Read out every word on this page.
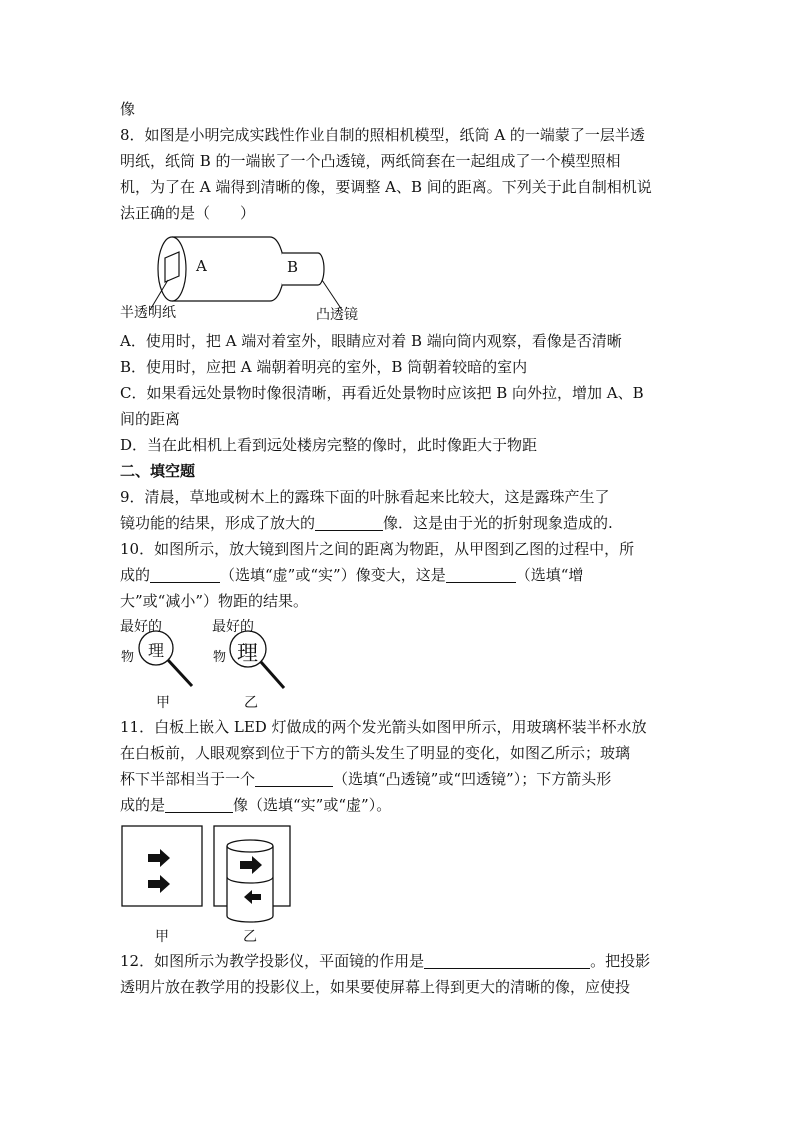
像
8．如图是小明完成实践性作业自制的照相机模型，纸筒 A 的一端蒙了一层半透
明纸，纸筒 B 的一端嵌了一个凸透镜，两纸筒套在一起组成了一个模型照相
机，为了在 A 端得到清晰的像，要调整 A、B 间的距离。下列关于此自制相机说
法正确的是（　　）
A	B
半透明纸	凸透镜
A．使用时，把 A 端对着室外，眼睛应对着 B 端向筒内观察，看像是否清晰
B．使用时，应把 A 端朝着明亮的室外，B 筒朝着较暗的室内
C．如果看远处景物时像很清晰，再看近处景物时应该把 B 向外拉，增加 A、B
间的距离
D．当在此相机上看到远处楼房完整的像时，此时像距大于物距
二、填空题
9．清晨，草地或树木上的露珠下面的叶脉看起来比较大，这是露珠产生了
镜功能的结果，形成了放大的	像．这是由于光的折射现象造成的.
10．如图所示，放大镜到图片之间的距离为物距，从甲图到乙图的过程中，所
成的	（选填“虚”或“实”）像变大，这是	（选填“增
大”或“减小”）物距的结果。
最好的
物 理
最好的
物 理
甲	乙
11．白板上嵌入 LED 灯做成的两个发光箭头如图甲所示，用玻璃杯装半杯水放
在白板前，人眼观察到位于下方的箭头发生了明显的变化，如图乙所示；玻璃
杯下半部相当于一个	（选填“凸透镜”或“凹透镜”）；下方箭头形
成的是	像（选填“实”或“虚”）。
甲	乙
12．如图所示为教学投影仪，平面镜的作用是	。把投影
透明片放在教学用的投影仪上，如果要使屏幕上得到更大的清晰的像，应使投
